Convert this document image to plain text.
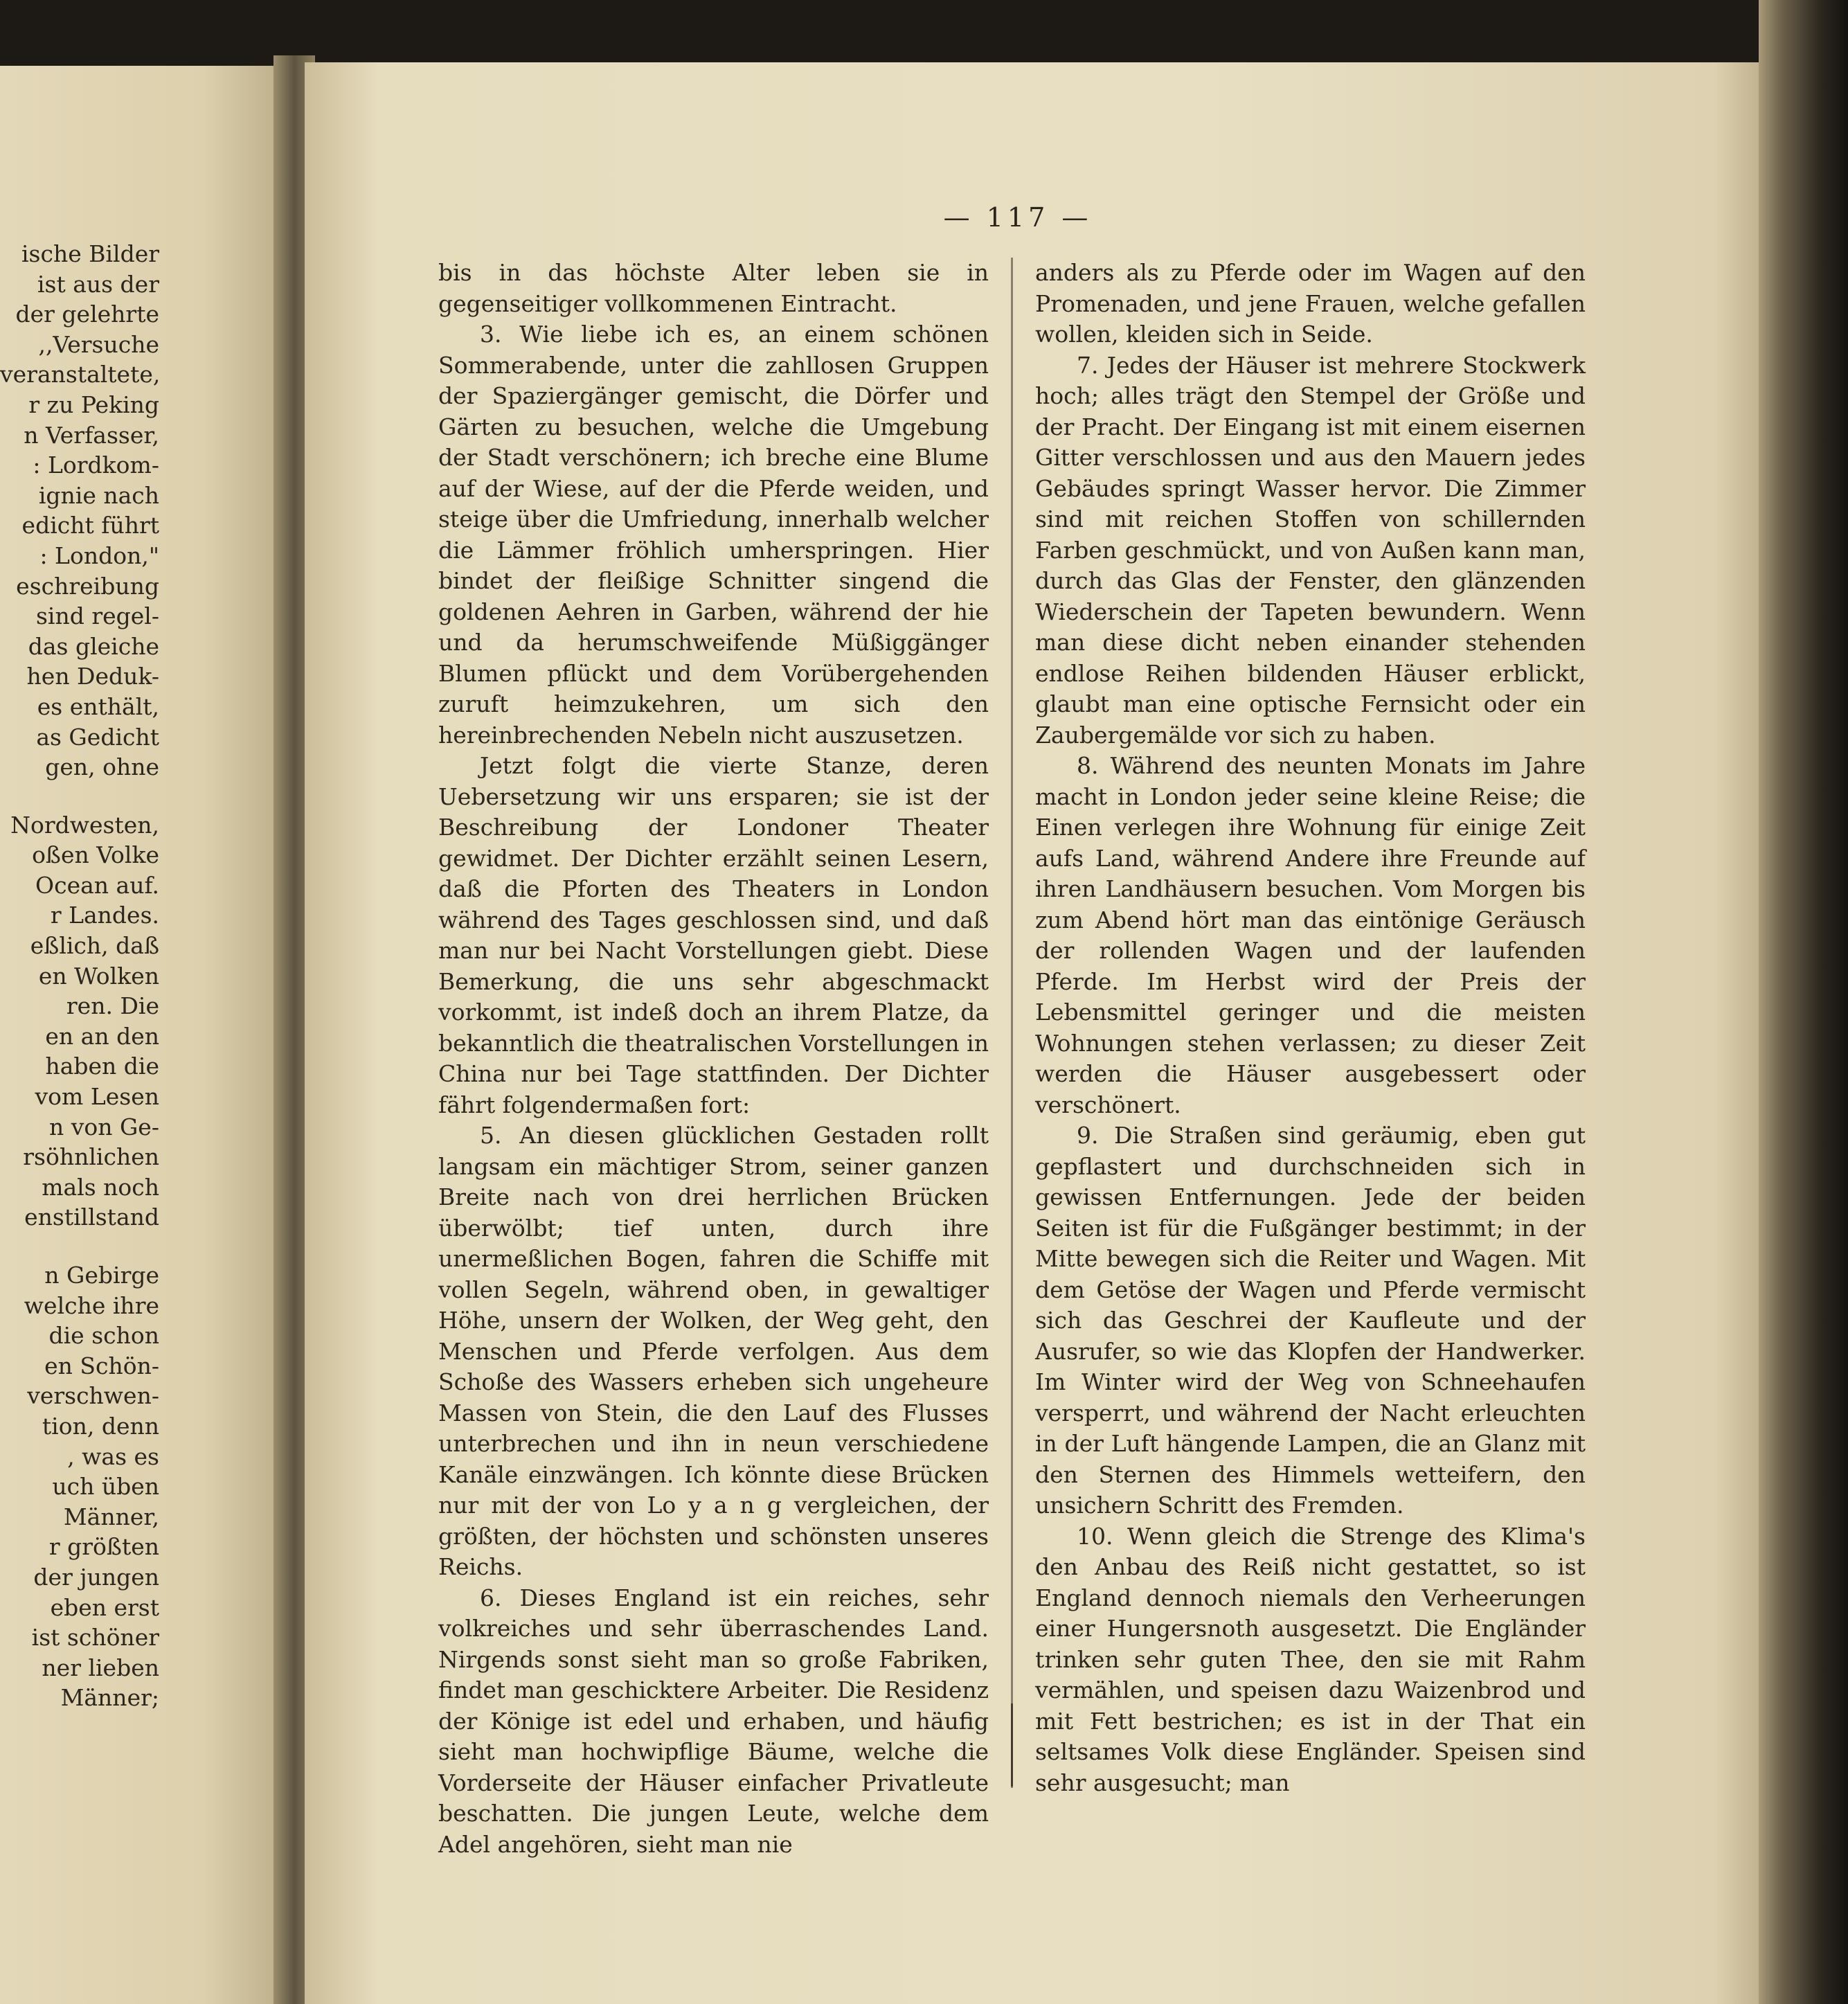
ische Bilder
ist aus der
der gelehrte
,,Versuche
veranstaltete,
r zu Peking
n Verfasser,
: Lordkom-
ignie nach
edicht führt
: London,"
eschreibung
sind regel-
das gleiche
hen Deduk-
es enthält,
as Gedicht
gen, ohne
Nordwesten,
oßen Volke
Ocean auf.
r Landes.
eßlich, daß
en Wolken
ren. Die
en an den
haben die
vom Lesen
n von Ge-
rsöhnlichen
mals noch
enstillstand
n Gebirge
welche ihre
die schon
en Schön-
verschwen-
tion, denn
, was es
uch üben
Männer,
r größten
der jungen
eben erst
ist schöner
ner lieben
Männer;
— 117 —

bis in das höchste Alter leben sie in gegenseitiger vollkommenen Eintracht.

3. Wie liebe ich es, an einem schönen Sommerabende, unter die zahllosen Gruppen der Spaziergänger gemischt, die Dörfer und Gärten zu besuchen, welche die Umgebung der Stadt verschönern; ich breche eine Blume auf der Wiese, auf der die Pferde weiden, und steige über die Umfriedung, innerhalb welcher die Lämmer fröhlich umherspringen. Hier bindet der fleißige Schnitter singend die goldenen Aehren in Garben, während der hie und da herumschweifende Müßiggänger Blumen pflückt und dem Vorübergehenden zuruft heimzukehren, um sich den hereinbrechenden Nebeln nicht auszusetzen.

Jetzt folgt die vierte Stanze, deren Uebersetzung wir uns ersparen; sie ist der Beschreibung der Londoner Theater gewidmet. Der Dichter erzählt seinen Lesern, daß die Pforten des Theaters in London während des Tages geschlossen sind, und daß man nur bei Nacht Vorstellungen giebt. Diese Bemerkung, die uns sehr abgeschmackt vorkommt, ist indeß doch an ihrem Platze, da bekanntlich die theatralischen Vorstellungen in China nur bei Tage stattfinden. Der Dichter fährt folgendermaßen fort:

5. An diesen glücklichen Gestaden rollt langsam ein mächtiger Strom, seiner ganzen Breite nach von drei herrlichen Brücken überwölbt; tief unten, durch ihre unermeßlichen Bogen, fahren die Schiffe mit vollen Segeln, während oben, in gewaltiger Höhe, unsern der Wolken, der Weg geht, den Menschen und Pferde verfolgen. Aus dem Schoße des Wassers erheben sich ungeheure Massen von Stein, die den Lauf des Flusses unterbrechen und ihn in neun verschiedene Kanäle einzwängen. Ich könnte diese Brücken nur mit der von Lo y a n g vergleichen, der größten, der höchsten und schönsten unseres Reichs.

6. Dieses England ist ein reiches, sehr volkreiches und sehr überraschendes Land. Nirgends sonst sieht man so große Fabriken, findet man geschicktere Arbeiter. Die Residenz der Könige ist edel und erhaben, und häufig sieht man hochwipflige Bäume, welche die Vorderseite der Häuser einfacher Privatleute beschatten. Die jungen Leute, welche dem Adel angehören, sieht man nie

anders als zu Pferde oder im Wagen auf den Promenaden, und jene Frauen, welche gefallen wollen, kleiden sich in Seide.

7. Jedes der Häuser ist mehrere Stockwerk hoch; alles trägt den Stempel der Größe und der Pracht. Der Eingang ist mit einem eisernen Gitter verschlossen und aus den Mauern jedes Gebäudes springt Wasser hervor. Die Zimmer sind mit reichen Stoffen von schillernden Farben geschmückt, und von Außen kann man, durch das Glas der Fenster, den glänzenden Wiederschein der Tapeten bewundern. Wenn man diese dicht neben einander stehenden endlose Reihen bildenden Häuser erblickt, glaubt man eine optische Fernsicht oder ein Zaubergemälde vor sich zu haben.

8. Während des neunten Monats im Jahre macht in London jeder seine kleine Reise; die Einen verlegen ihre Wohnung für einige Zeit aufs Land, während Andere ihre Freunde auf ihren Landhäusern besuchen. Vom Morgen bis zum Abend hört man das eintönige Geräusch der rollenden Wagen und der laufenden Pferde. Im Herbst wird der Preis der Lebensmittel geringer und die meisten Wohnungen stehen verlassen; zu dieser Zeit werden die Häuser ausgebessert oder verschönert.

9. Die Straßen sind geräumig, eben gut gepflastert und durchschneiden sich in gewissen Entfernungen. Jede der beiden Seiten ist für die Fußgänger bestimmt; in der Mitte bewegen sich die Reiter und Wagen. Mit dem Getöse der Wagen und Pferde vermischt sich das Geschrei der Kaufleute und der Ausrufer, so wie das Klopfen der Handwerker. Im Winter wird der Weg von Schneehaufen versperrt, und während der Nacht erleuchten in der Luft hängende Lampen, die an Glanz mit den Sternen des Himmels wetteifern, den unsichern Schritt des Fremden.

10. Wenn gleich die Strenge des Klima's den Anbau des Reiß nicht gestattet, so ist England dennoch niemals den Verheerungen einer Hungersnoth ausgesetzt. Die Engländer trinken sehr guten Thee, den sie mit Rahm vermählen, und speisen dazu Waizenbrod und mit Fett bestrichen; es ist in der That ein seltsames Volk diese Engländer. Speisen sind sehr ausgesucht; man
